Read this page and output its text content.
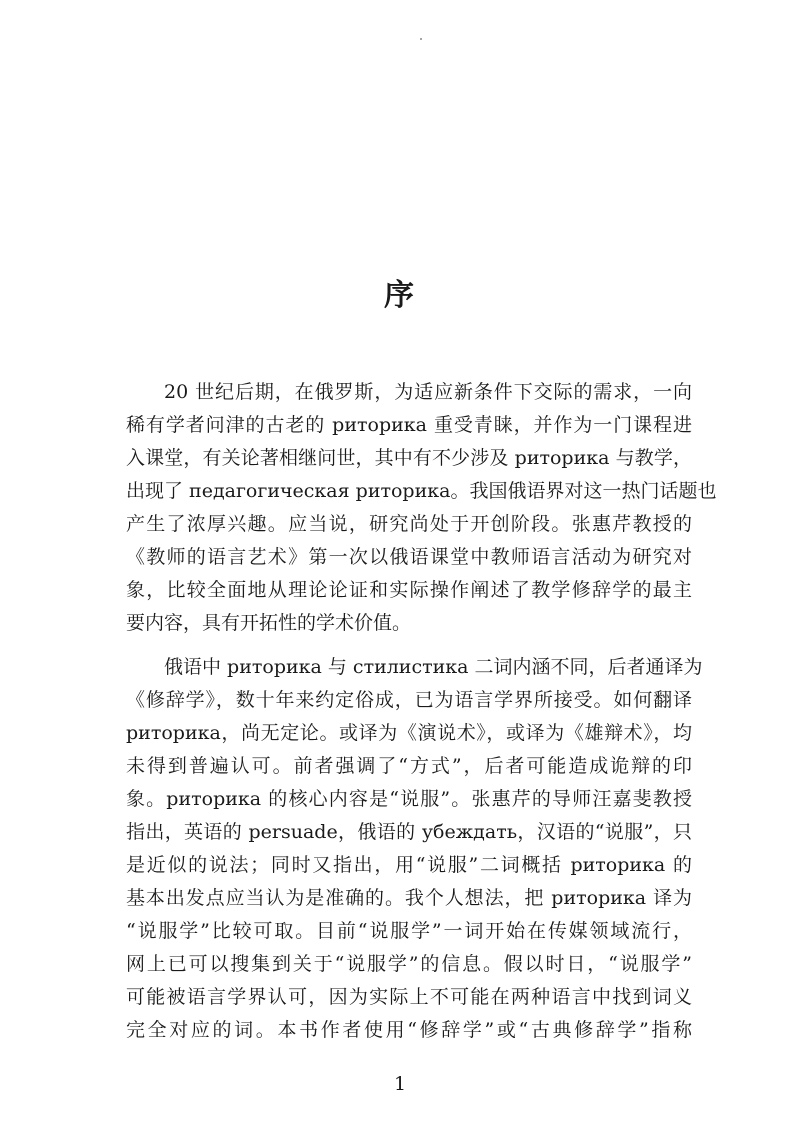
序

20 世纪后期，在俄罗斯，为适应新条件下交际的需求，一向
稀有学者问津的古老的 риторика 重受青睐，并作为一门课程进
入课堂，有关论著相继问世，其中有不少涉及 риторика 与教学，
出现了 педагогическая риторика。我国俄语界对这一热门话题也
产生了浓厚兴趣。应当说，研究尚处于开创阶段。张惠芹教授的
《教师的语言艺术》第一次以俄语课堂中教师语言活动为研究对
象，比较全面地从理论论证和实际操作阐述了教学修辞学的最主
要内容，具有开拓性的学术价值。

俄语中 риторика 与 стилистика 二词内涵不同，后者通译为
《修辞学》，数十年来约定俗成，已为语言学界所接受。如何翻译
риторика，尚无定论。或译为《演说术》，或译为《雄辩术》，均
未得到普遍认可。前者强调了“方式”，后者可能造成诡辩的印
象。риторика 的核心内容是“说服”。张惠芹的导师汪嘉斐教授
指出，英语的 persuade，俄语的 убеждать，汉语的“说服”，只
是近似的说法；同时又指出，用“说服”二词概括 риторика 的
基本出发点应当认为是准确的。我个人想法，把 риторика 译为
“说服学”比较可取。目前“说服学”一词开始在传媒领域流行，
网上已可以搜集到关于“说服学”的信息。假以时日，“说服学”
可能被语言学界认可，因为实际上不可能在两种语言中找到词义
完全对应的词。本书作者使用“修辞学”或“古典修辞学”指称

1
